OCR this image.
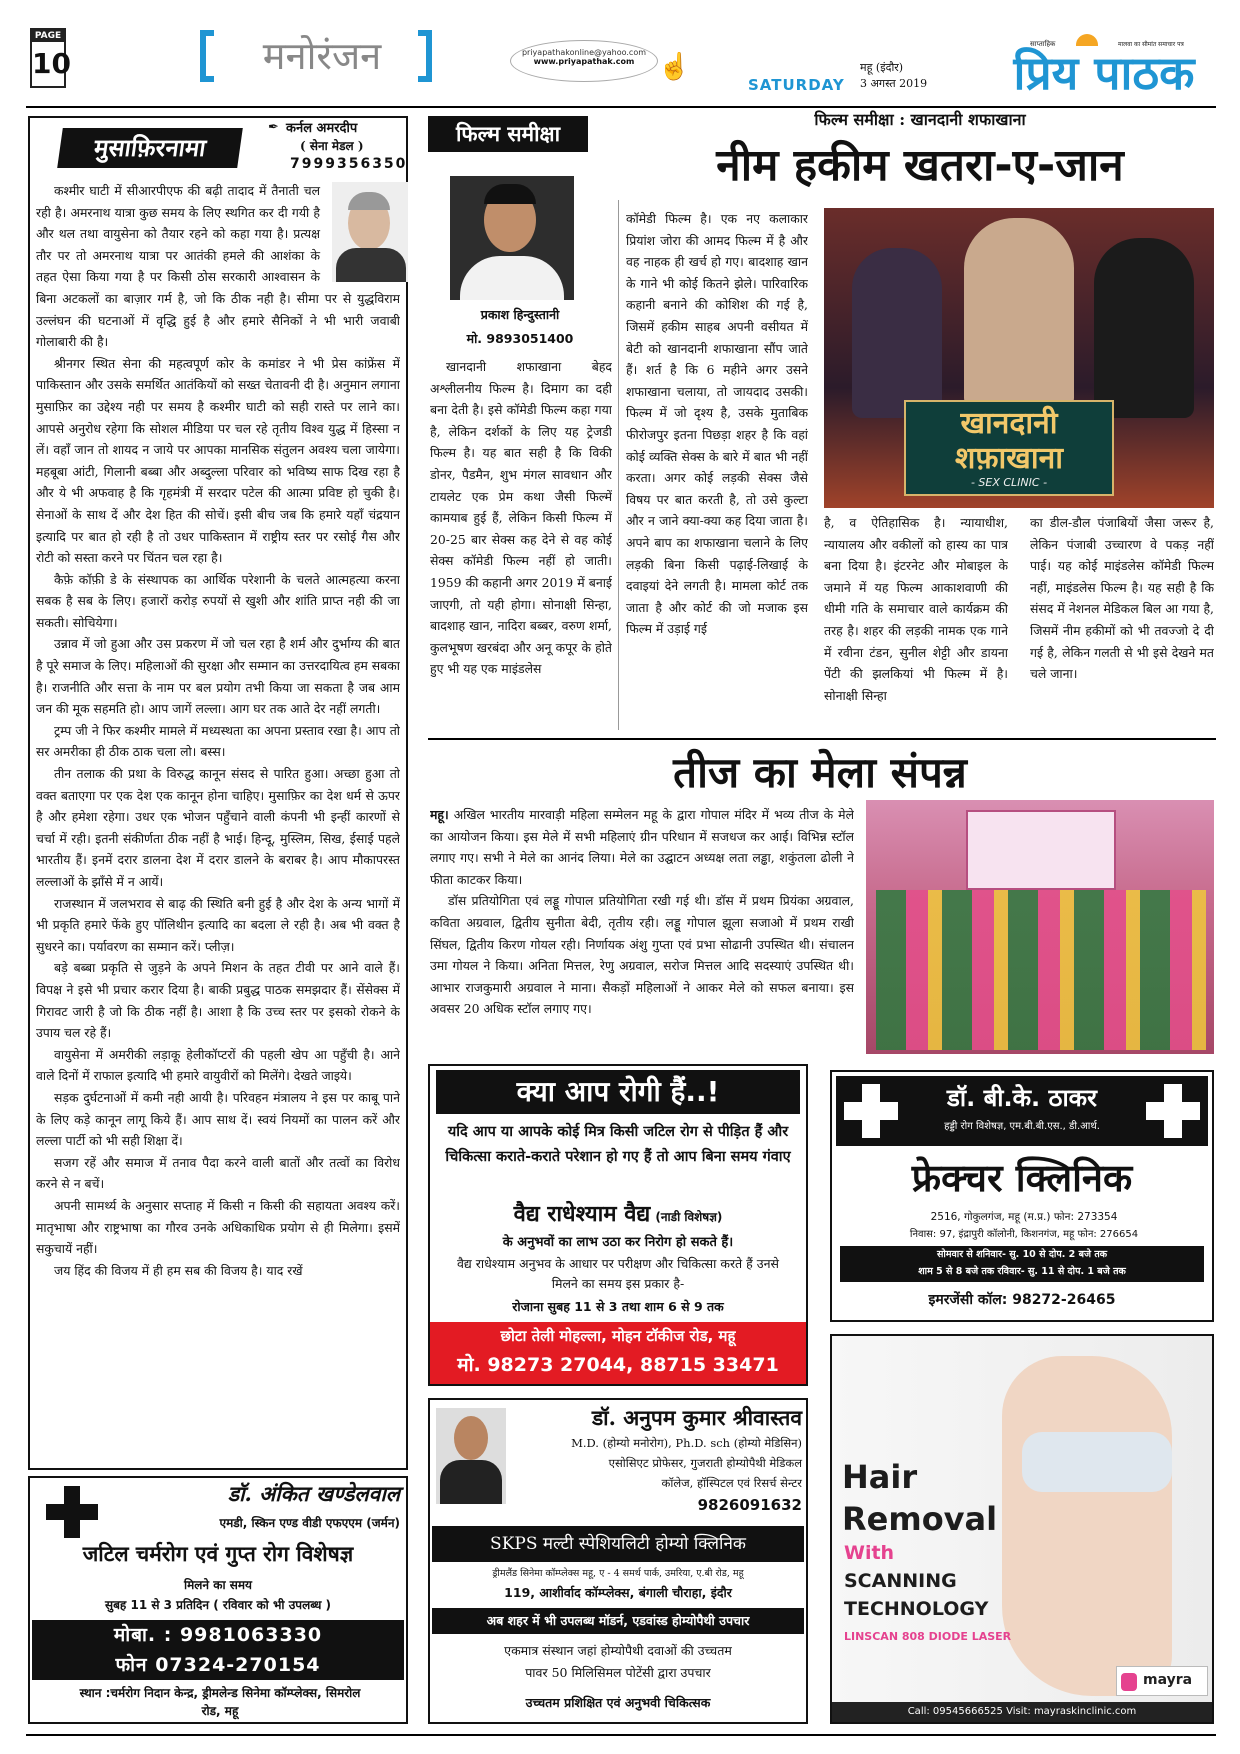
PAGE
10	मनोरंजन	priyapathakonline@yahoo.com
www.priyapathak.com ☝
SATURDAY
महू (इंदौर)
3 अगस्त 2019
साप्ताहिक	मालवा का सीमांत समाचार पत्र
प्रिय पाठक
मुसाफ़िरनामा
✒ कर्नल अमरदीप
( सेना मेडल )
7999356350

कश्मीर घाटी में सीआरपीएफ की बढ़ी तादाद में तैनाती चल रही है। अमरनाथ यात्रा कुछ समय के लिए स्थगित कर दी गयी है और थल तथा वायुसेना को तैयार रहने को कहा गया है। प्रत्यक्ष तौर पर तो अमरनाथ यात्रा पर आतंकी हमले की आशंका के तहत ऐसा किया गया है पर किसी ठोस सरकारी आश्वासन के बिना अटकलों का बाज़ार गर्म है, जो कि ठीक नही है। सीमा पर से युद्धविराम उल्लंघन की घटनाओं में वृद्धि हुई है और हमारे सैनिकों ने भी भारी जवाबी गोलाबारी की है।

श्रीनगर स्थित सेना की महत्वपूर्ण कोर के कमांडर ने भी प्रेस कांफ्रेंस में पाकिस्तान और उसके समर्थित आतंकियों को सख्त चेतावनी दी है। अनुमान लगाना मुसाफ़िर का उद्देश्य नही पर समय है कश्मीर घाटी को सही रास्ते पर लाने का। आपसे अनुरोध रहेगा कि सोशल मीडिया पर चल रहे तृतीय विश्व युद्ध में हिस्सा न लें। वहाँ जान तो शायद न जाये पर आपका मानसिक संतुलन अवश्य चला जायेगा। महबूबा आंटी, गिलानी बब्बा और अब्दुल्ला परिवार को भविष्य साफ दिख रहा है और ये भी अफवाह है कि गृहमंत्री में सरदार पटेल की आत्मा प्रविष्ट हो चुकी है। सेनाओं के साथ दें और देश हित की सोचें। इसी बीच जब कि हमारे यहाँ चंद्रयान इत्यादि पर बात हो रही है तो उधर पाकिस्तान में राष्ट्रीय स्तर पर रसोई गैस और रोटी को सस्ता करने पर चिंतन चल रहा है।

कैफ़े कॉफ़ी डे के संस्थापक का आर्थिक परेशानी के चलते आत्महत्या करना सबक है सब के लिए। हजारों करोड़ रुपयों से खुशी और शांति प्राप्त नही की जा सकती। सोचियेगा।

उन्नाव में जो हुआ और उस प्रकरण में जो चल रहा है शर्म और दुर्भाग्य की बात है पूरे समाज के लिए। महिलाओं की सुरक्षा और सम्मान का उत्तरदायित्व हम सबका है। राजनीति और सत्ता के नाम पर बल प्रयोग तभी किया जा सकता है जब आम जन की मूक सहमति हो। आप जागें लल्ला। आग घर तक आते देर नहीं लगती।

ट्रम्प जी ने फिर कश्मीर मामले में मध्यस्थता का अपना प्रस्ताव रखा है। आप तो सर अमरीका ही ठीक ठाक चला लो। बस्स।

तीन तलाक की प्रथा के विरुद्ध कानून संसद से पारित हुआ। अच्छा हुआ तो वक्त बताएगा पर एक देश एक कानून होना चाहिए। मुसाफ़िर का देश धर्म से ऊपर है और हमेशा रहेगा। उधर एक भोजन पहुँचाने वाली कंपनी भी इन्हीं कारणों से चर्चा में रही। इतनी संकीर्णता ठीक नहीं है भाई। हिन्दू, मुस्लिम, सिख, ईसाई पहले भारतीय हैं। इनमें दरार डालना देश में दरार डालने के बराबर है। आप मौकापरस्त लल्लाओं के झाँसे में न आयें।

राजस्थान में जलभराव से बाढ़ की स्थिति बनी हुई है और देश के अन्य भागों में भी प्रकृति हमारे फेंके हुए पॉलिथीन इत्यादि का बदला ले रही है। अब भी वक्त है सुधरने का। पर्यावरण का सम्मान करें। प्लीज़।

बड़े बब्बा प्रकृति से जुड़ने के अपने मिशन के तहत टीवी पर आने वाले हैं। विपक्ष ने इसे भी प्रचार करार दिया है। बाकी प्रबुद्ध पाठक समझदार हैं। सेंसेक्स में गिरावट जारी है जो कि ठीक नहीं है। आशा है कि उच्च स्तर पर इसको रोकने के उपाय चल रहे हैं।

वायुसेना में अमरीकी लड़ाकू हेलीकॉप्टरों की पहली खेप आ पहुँची है। आने वाले दिनों में राफाल इत्यादि भी हमारे वायुवीरों को मिलेंगे। देखते जाइये।

सड़क दुर्घटनाओं में कमी नही आयी है। परिवहन मंत्रालय ने इस पर काबू पाने के लिए कड़े कानून लागू किये हैं। आप साथ दें। स्वयं नियमों का पालन करें और लल्ला पार्टी को भी सही शिक्षा दें।

सजग रहें और समाज में तनाव पैदा करने वाली बातों और तत्वों का विरोध करने से न बचें।

अपनी सामर्थ्य के अनुसार सप्ताह में किसी न किसी की सहायता अवश्य करें। मातृभाषा और राष्ट्रभाषा का गौरव उनके अधिकाधिक प्रयोग से ही मिलेगा। इसमें सकुचायें नहीं।

जय हिंद की विजय में ही हम सब की विजय है। याद रखें

फिल्म समीक्षा
फिल्म समीक्षा : खानदानी शफाखाना
नीम हकीम खतरा-ए-जान
प्रकाश हिन्दुस्तानी
मो. 9893051400
खानदानी शफाखाना बेहद अश्लीलनीय फिल्म है। दिमाग का दही बना देती है। इसे कॉमेडी फिल्म कहा गया है, लेकिन दर्शकों के लिए यह ट्रेजडी फिल्म है। यह बात सही है कि विकी डोनर, पैडमैन, शुभ मंगल सावधान और टायलेट एक प्रेम कथा जैसी फिल्में कामयाब हुई हैं, लेकिन किसी फिल्म में 20-25 बार सेक्स कह देने से वह कोई सेक्स कॉमेडी फिल्म नहीं हो जाती। 1959 की कहानी अगर 2019 में बनाई जाएगी, तो यही होगा। सोनाक्षी सिन्हा, बादशाह खान, नादिरा बब्बर, वरुण शर्मा, कुलभूषण खरबंदा और अनू कपूर के होते हुए भी यह एक माइंडलेस
कॉमेडी फिल्म है। एक नए कलाकार प्रियांश जोरा की आमद फिल्म में है और वह नाहक ही खर्च हो गए। बादशाह खान के गाने भी कोई कितने झेले। पारिवारिक कहानी बनाने की कोशिश की गई है, जिसमें हकीम साहब अपनी वसीयत में बेटी को खानदानी शफाखाना सौंप जाते हैं। शर्त है कि 6 महीने अगर उसने शफाखाना चलाया, तो जायदाद उसकी। फिल्म में जो दृश्य है, उसके मुताबिक फीरोजपुर इतना पिछड़ा शहर है कि वहां कोई व्यक्ति सेक्स के बारे में बात भी नहीं करता। अगर कोई लड़की सेक्स जैसे विषय पर बात करती है, तो उसे कुल्टा और न जाने क्या-क्या कह दिया जाता है। अपने बाप का शफाखाना चलाने के लिए लड़की बिना किसी पढ़ाई-लिखाई के दवाइयां देने लगती है। मामला कोर्ट तक जाता है और कोर्ट की जो मजाक इस फिल्म में उड़ाई गई
खानदानी
शफ़ाखाना
- SEX CLINIC -
है, व ऐतिहासिक है। न्यायाधीश, न्यायालय और वकीलों को हास्य का पात्र बना दिया है। इंटरनेट और मोबाइल के जमाने में यह फिल्म आकाशवाणी की धीमी गति के समाचार वाले कार्यक्रम की तरह है। शहर की लड़की नामक एक गाने में रवीना टंडन, सुनील शेट्टी और डायना पेंटी की झलकियां भी फिल्म में है। सोनाक्षी सिन्हा
का डील-डौल पंजाबियों जैसा जरूर है, लेकिन पंजाबी उच्चारण वे पकड़ नहीं पाई। यह कोई माइंडलेस कॉमेडी फिल्म नहीं, माइंडलेस फिल्म है। यह सही है कि संसद में नेशनल मेडिकल बिल आ गया है, जिसमें नीम हकीमों को भी तवज्जो दे दी गई है, लेकिन गलती से भी इसे देखने मत चले जाना।
तीज का मेला संपन्न

महू। अखिल भारतीय मारवाड़ी महिला सम्मेलन महू के द्वारा गोपाल मंदिर में भव्य तीज के मेले का आयोजन किया। इस मेले में सभी महिलाएं ग्रीन परिधान में सजधज कर आई। विभिन्न स्टॉल लगाए गए। सभी ने मेले का आनंद लिया। मेले का उद्घाटन अध्यक्ष लता लड्ढा, शकुंतला ढोली ने फीता काटकर किया।

डॉस प्रतियोगिता एवं लड्डू गोपाल प्रतियोगिता रखी गई थी। डॉस में प्रथम प्रियंका अग्रवाल, कविता अग्रवाल, द्वितीय सुनीता बेदी, तृतीय रही। लड्डू गोपाल झूला सजाओ में प्रथम राखी सिंघल, द्वितीय किरण गोयल रही। निर्णायक अंशु गुप्ता एवं प्रभा सोढानी उपस्थित थी। संचालन उमा गोयल ने किया। अनिता मित्तल, रेणु अग्रवाल, सरोज मित्तल आदि सदस्याएं उपस्थित थी। आभार राजकुमारी अग्रवाल ने माना। सैकड़ों महिलाओं ने आकर मेले को सफल बनाया। इस अवसर 20 अधिक स्टॉल लगाए गए।

डॉ. अंकित खण्डेलवाल
एमडी, स्किन एण्ड वीडी एफएएम (जर्मन)
जटिल चर्मरोग एवं गुप्त रोग विशेषज्ञ
मिलने का समय
सुबह 11 से 3 प्रतिदिन ( रविवार को भी उपलब्ध )
मोबा. : 9981063330
फोन 07324-270154
स्थान :चर्मरोग निदान केन्द्र, ड्रीमलेन्ड सिनेमा कॉम्प्लेक्स, सिमरोल रोड, महू
क्या आप रोगी हैं..!
यदि आप या आपके कोई मित्र किसी जटिल रोग से पीड़ित हैं और चिकित्सा कराते-कराते परेशान हो गए हैं तो आप बिना समय गंवाए
वैद्य राधेश्याम वैद्य (नाडी विशेषज्ञ)
के अनुभवों का लाभ उठा कर निरोग हो सकते हैं।
वैद्य राधेश्याम अनुभव के आधार पर परीक्षण और चिकित्सा करते हैं उनसे मिलने का समय इस प्रकार है-
रोजाना सुबह 11 से 3 तथा शाम 6 से 9 तक
छोटा तेली मोहल्ला, मोहन टॉकीज रोड, महू
मो. 98273 27044, 88715 33471
डॉ. अनुपम कुमार श्रीवास्तव
M.D. (होम्यो मनोरोग), Ph.D. sch (होम्यो मेडिसिन)
एसोसिएट प्रोफेसर, गुजराती होम्योपैथी मेडिकल
कॉलेज, हॉस्पिटल एवं रिसर्च सेन्टर
9826091632
SKPS मल्टी स्पेशियलिटी होम्यो क्लिनिक
ड्रीमलैंड सिनेमा कॉम्प्लेक्स महू, ए - 4 समर्थ पार्क, उमरिया, ए.बी रोड, महू
119, आशीर्वाद कॉम्प्लेक्स, बंगाली चौराहा, इंदौर
अब शहर में भी उपलब्ध मॉडर्न, एडवांस्ड होम्योपैथी उपचार
एकमात्र संस्थान जहां होम्योपैथी दवाओं की उच्चतम
पावर 50 मिलिसिमल पोटेंसी द्वारा उपचार
उच्चतम प्रशिक्षित एवं अनुभवी चिकित्सक
डॉ. बी.के. ठाकर
हड्डी रोग विशेषज्ञ, एम.बी.बी.एस., डी.आर्थ.
फ्रेक्चर क्लिनिक
2516, गोकुलगंज, महू (म.प्र.) फोन: 273354
निवास: 97, इंद्रापुरी कॉलोनी, किशनगंज, महू फोन: 276654
सोमवार से शनिवार- सु. 10 से दोप. 2 बजे तक
शाम 5 से 8 बजे तक रविवार- सु. 11 से दोप. 1 बजे तक
इमरजेंसी कॉल: 98272-26465
Hair
Removal
With
SCANNING
TECHNOLOGY
LINSCAN 808 DIODE LASER
mayra
Call: 09545666525 Visit: mayraskinclinic.com
